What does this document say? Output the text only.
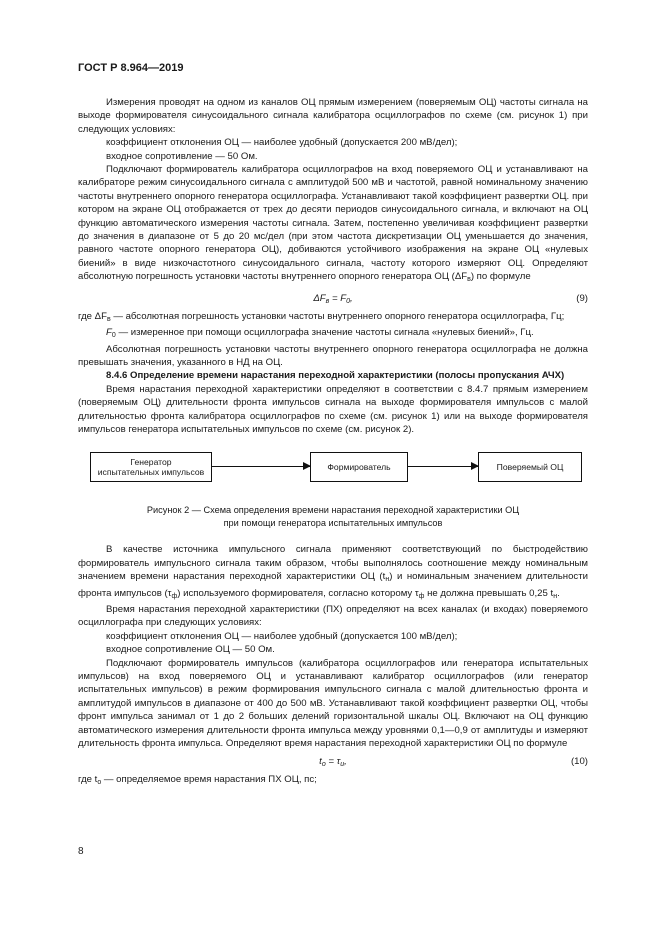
ГОСТ Р 8.964—2019

Измерения проводят на одном из каналов ОЦ прямым измерением (поверяемым ОЦ) частоты сигнала на выходе формирователя синусоидального сигнала калибратора осциллографов по схеме (см. рисунок 1) при следующих условиях:

коэффициент отклонения ОЦ — наиболее удобный (допускается 200 мВ/дел);

входное сопротивление — 50 Ом.

Подключают формирователь калибратора осциллографов на вход поверяемого ОЦ и устанавливают на калибраторе режим синусоидального сигнала с амплитудой 500 мВ и частотой, равной номинальному значению частоты внутреннего опорного генератора осциллографа. Устанавливают такой коэффициент развертки ОЦ. при котором на экране ОЦ отображается от трех до десяти периодов синусоидального сигнала, и включают на ОЦ функцию автоматического измерения частоты сигнала. Затем, постепенно увеличивая коэффициент развертки до значения в диапазоне от 5 до 20 мс/дел (при этом частота дискретизации ОЦ уменьшается до значения, равного частоте опорного генератора ОЦ), добиваются устойчивого изображения на экране ОЦ «нулевых биений» в виде низкочастотного синусоидального сигнала, частоту которого измеряют ОЦ. Определяют абсолютную погрешность установки частоты внутреннего опорного генератора ОЦ $(\Delta F_в)$ по формуле

$\Delta F_в = F_0$,	(9)

где $\Delta F_в$ — абсолютная погрешность установки частоты внутреннего опорного генератора осциллографа, Гц;

$F_0$ — измеренное при помощи осциллографа значение частоты сигнала «нулевых биений», Гц.

Абсолютная погрешность установки частоты внутреннего опорного генератора осциллографа не должна превышать значения, указанного в НД на ОЦ.

8.4.6 Определение времени нарастания переходной характеристики (полосы пропускания АЧХ)

Время нарастания переходной характеристики определяют в соответствии с 8.4.7 прямым измерением (поверяемым ОЦ) длительности фронта импульсов сигнала на выходе формирователя импульсов с малой длительностью фронта калибратора осциллографов по схеме (см. рисунок 1) или на выходе формирователя импульсов генератора испытательных импульсов по схеме (см. рисунок 2).

Генератор
испытательных импульсов	Формирователь	Поверяемый ОЦ
Рисунок 2 — Схема определения времени нарастания переходной характеристики ОЦ
при помощи генератора испытательных импульсов

В качестве источника импульсного сигнала применяют соответствующий по быстродействию формирователь импульсного сигнала таким образом, чтобы выполнялось соотношение между номинальным значением времени нарастания переходной характеристики ОЦ $(t_н)$ и номинальным значением длительности фронта импульсов $(\tau_ф)$ используемого формирователя, согласно которому $\tau_ф$ не должна превышать 0,25 $t_н$.

Время нарастания переходной характеристики (ПХ) определяют на всех каналах (и входах) поверяемого осциллографа при следующих условиях:

коэффициент отклонения ОЦ — наиболее удобный (допускается 100 мВ/дел);

входное сопротивление ОЦ — 50 Ом.

Подключают формирователь импульсов (калибратора осциллографов или генератора испытательных импульсов) на вход поверяемого ОЦ и устанавливают калибратор осциллографов (или генератор испытательных импульсов) в режим формирования импульсного сигнала с малой длительностью фронта и амплитудой импульсов в диапазоне от 400 до 500 мВ. Устанавливают такой коэффициент развертки ОЦ, чтобы фронт импульса занимал от 1 до 2 больших делений горизонтальной шкалы ОЦ. Включают на ОЦ функцию автоматического измерения длительности фронта импульса между уровнями 0,1—0,9 от амплитуды и измеряют длительность фронта импульса. Определяют время нарастания переходной характеристики ОЦ по формуле

$t_о = \tau_и$,	(10)

где $t_о$ — определяемое время нарастания ПХ ОЦ, пс;

8
